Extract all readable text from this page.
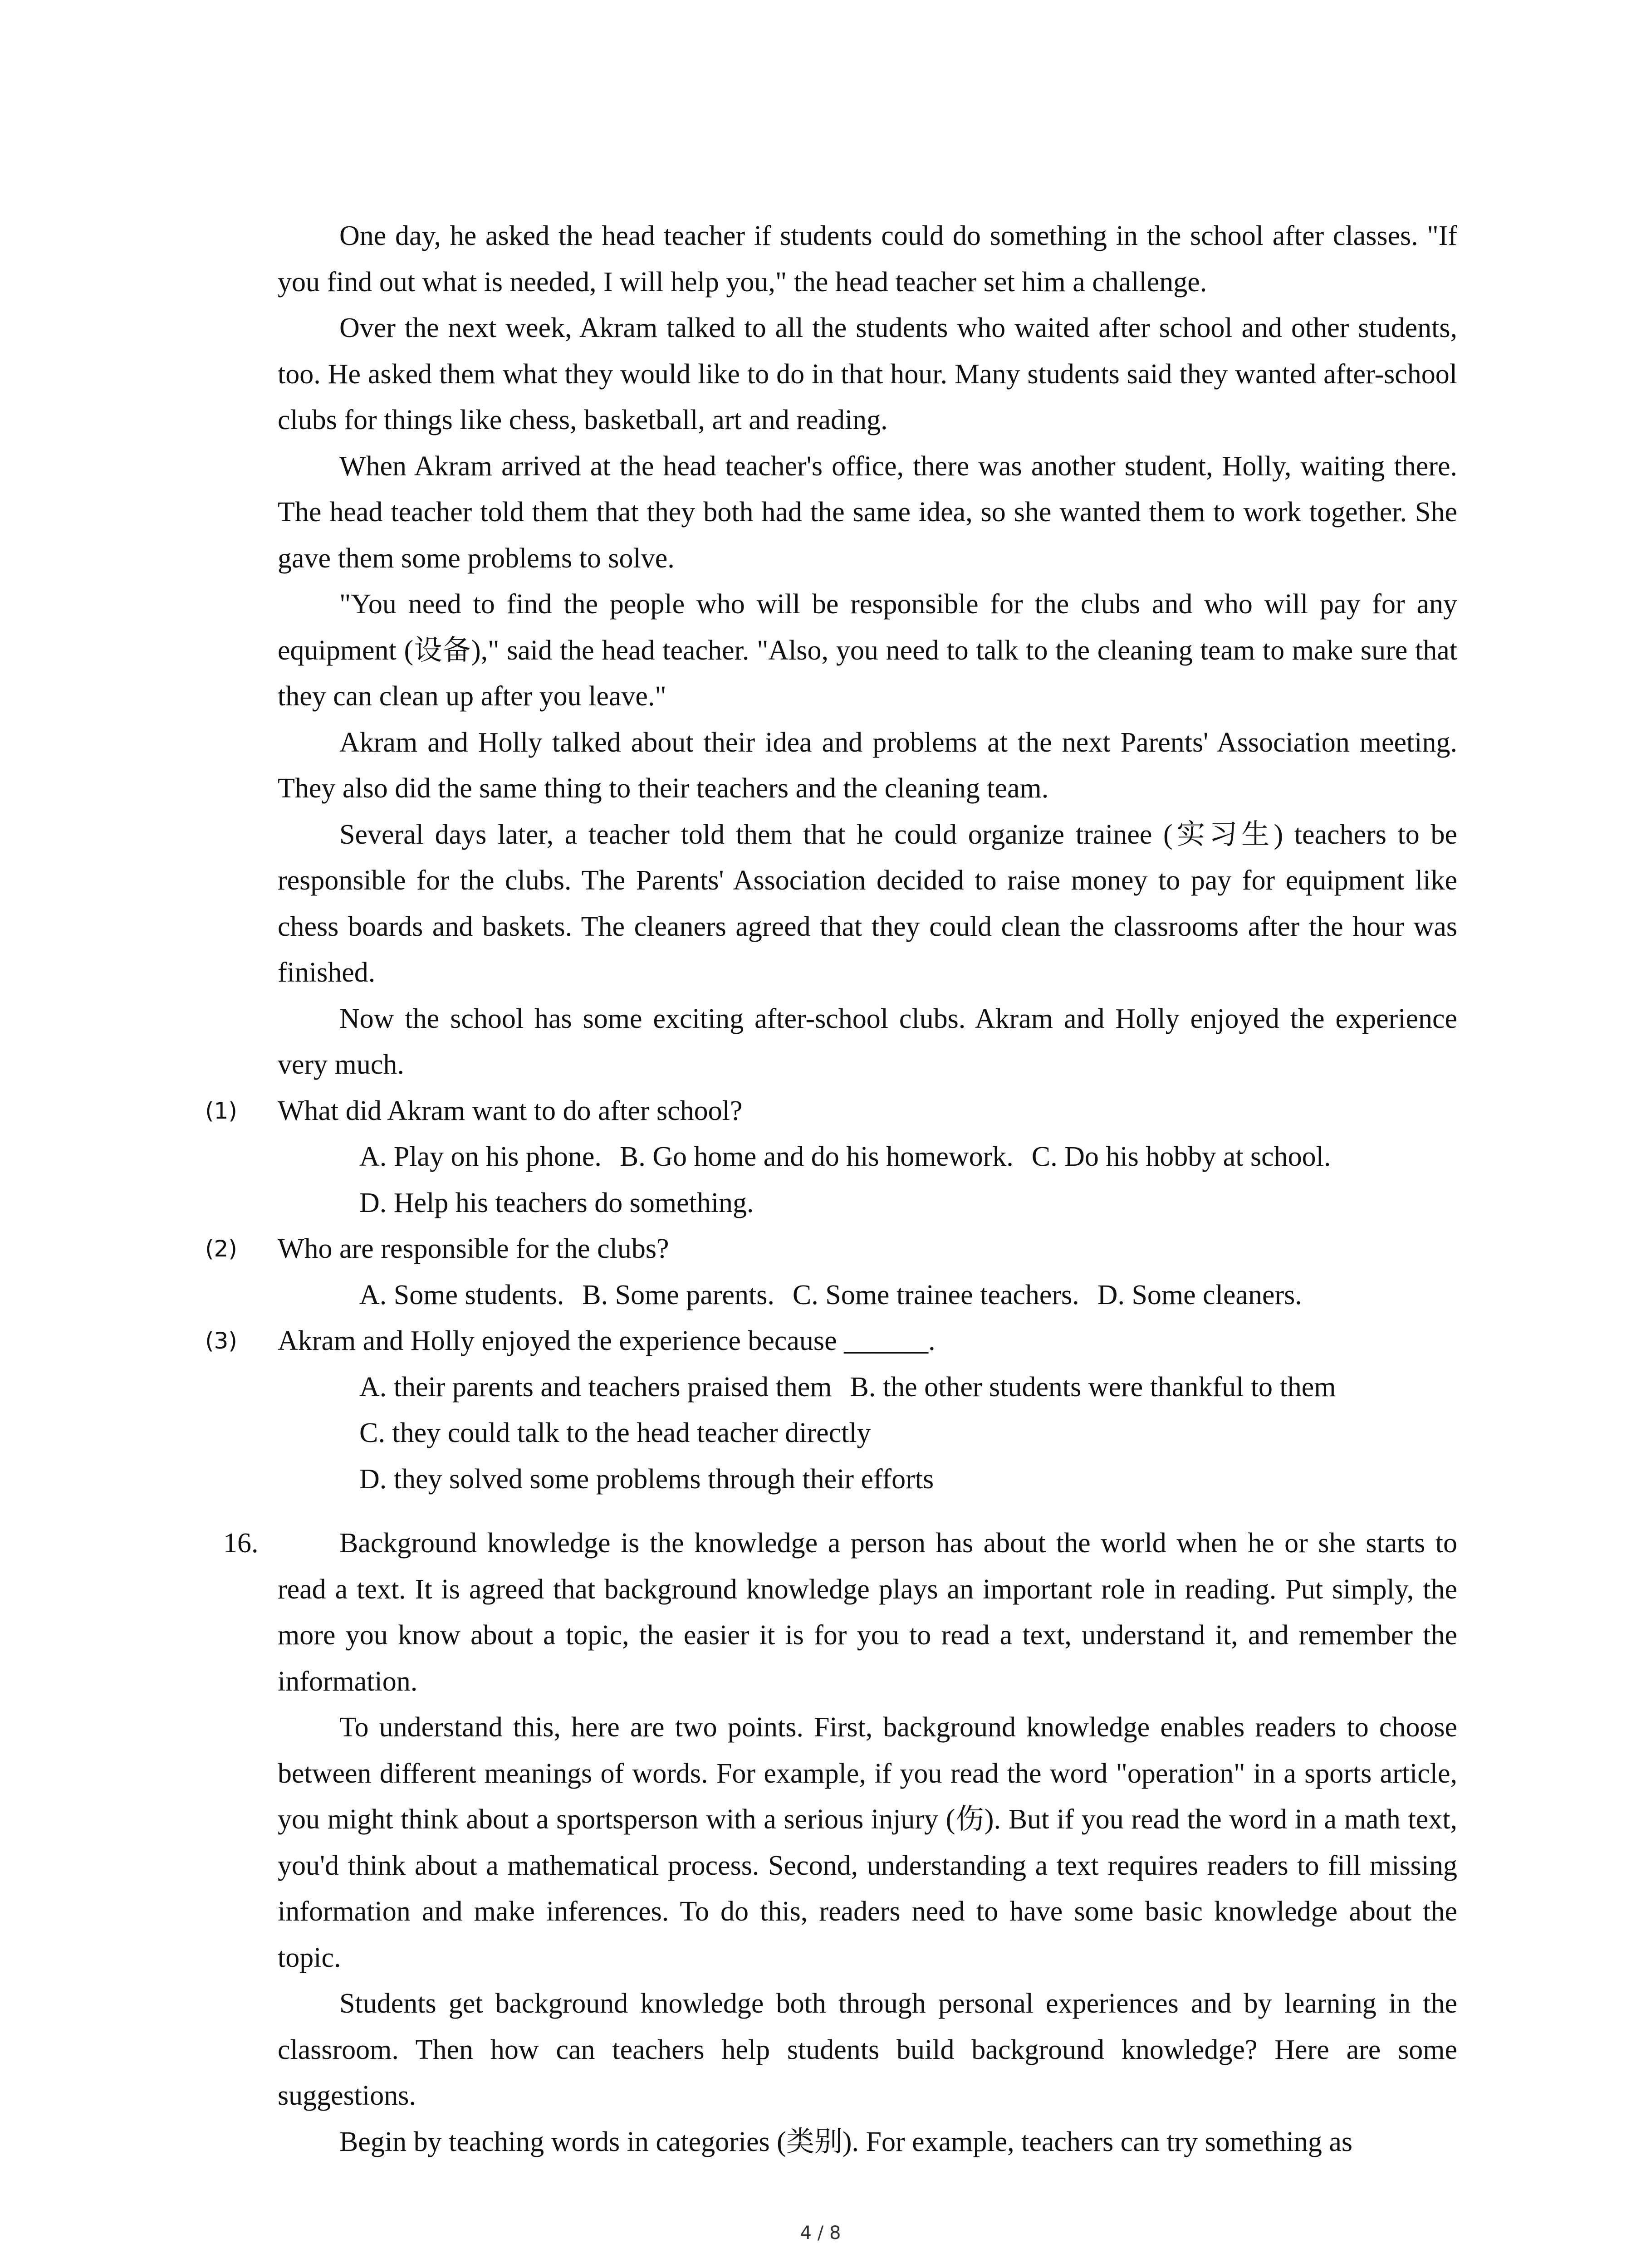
One day, he asked the head teacher if students could do something in the school after classes. "If you find out what is needed, I will help you," the head teacher set him a challenge.

Over the next week, Akram talked to all the students who waited after school and other students, too. He asked them what they would like to do in that hour. Many students said they wanted after-school clubs for things like chess, basketball, art and reading.

When Akram arrived at the head teacher's office, there was another student, Holly, waiting there. The head teacher told them that they both had the same idea, so she wanted them to work together. She gave them some problems to solve.

"You need to find the people who will be responsible for the clubs and who will pay for any equipment (设备)," said the head teacher. "Also, you need to talk to the cleaning team to make sure that they can clean up after you leave."

Akram and Holly talked about their idea and problems at the next Parents' Association meeting. They also did the same thing to their teachers and the cleaning team.

Several days later, a teacher told them that he could organize trainee (实习生) teachers to be responsible for the clubs. The Parents' Association decided to raise money to pay for equipment like chess boards and baskets. The cleaners agreed that they could clean the classrooms after the hour was finished.

Now the school has some exciting after-school clubs. Akram and Holly enjoyed the experience very much.

(1)	What did Akram want to do after school?
A. Play on his phone. B. Go home and do his homework. C. Do his hobby at school.
D. Help his teachers do something.
(2)	Who are responsible for the clubs?
A. Some students. B. Some parents. C. Some trainee teachers. D. Some cleaners.
(3)	Akram and Holly enjoyed the experience because ______.
A. their parents and teachers praised them B. the other students were thankful to them
C. they could talk to the head teacher directly
D. they solved some problems through their efforts
16.	Background knowledge is the knowledge a person has about the world when he or she starts to read a text. It is agreed that background knowledge plays an important role in reading. Put simply, the more you know about a topic, the easier it is for you to read a text, understand it, and remember the information.

To understand this, here are two points. First, background knowledge enables readers to choose between different meanings of words. For example, if you read the word "operation" in a sports article, you might think about a sportsperson with a serious injury (伤). But if you read the word in a math text, you'd think about a mathematical process. Second, understanding a text requires readers to fill missing information and make inferences. To do this, readers need to have some basic knowledge about the topic.

Students get background knowledge both through personal experiences and by learning in the classroom. Then how can teachers help students build background knowledge? Here are some suggestions.

Begin by teaching words in categories (类别). For example, teachers can try something as

4 / 8
